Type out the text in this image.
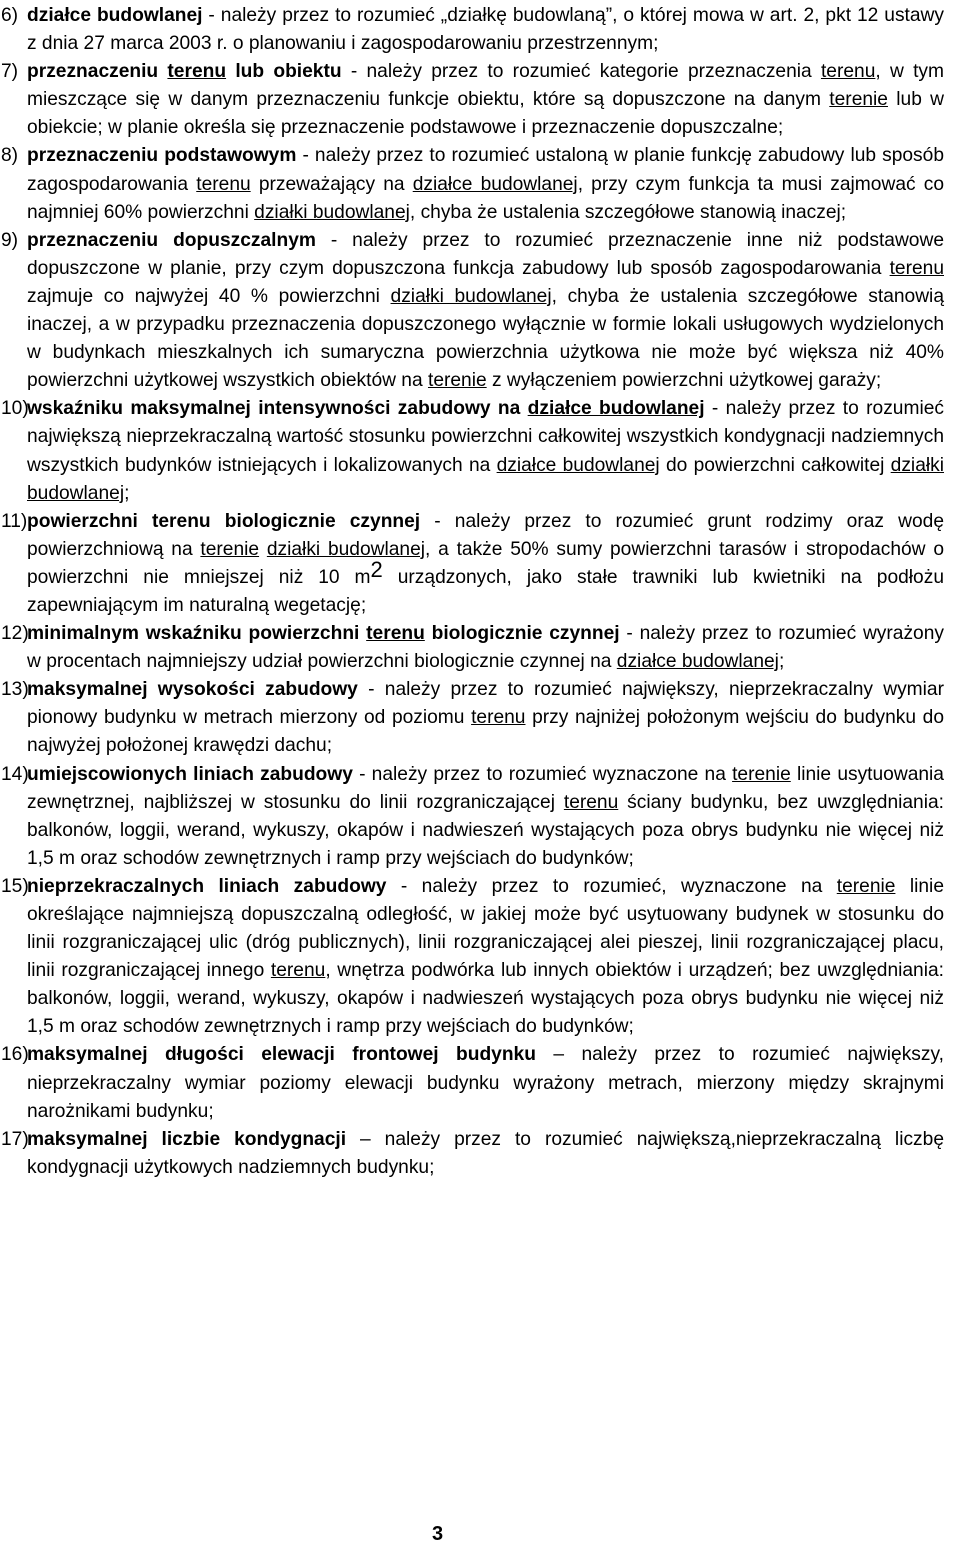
6) działce budowlanej - należy przez to rozumieć „działkę budowlaną”, o której mowa w art. 2, pkt 12 ustawy z dnia 27 marca 2003 r. o planowaniu i zagospodarowaniu przestrzennym;
7) przeznaczeniu terenu lub obiektu - należy przez to rozumieć kategorie przeznaczenia terenu, w tym mieszczące się w danym przeznaczeniu funkcje obiektu, które są dopuszczone na danym terenie lub w obiekcie; w planie określa się przeznaczenie podstawowe i przeznaczenie dopuszczalne;
8) przeznaczeniu podstawowym - należy przez to rozumieć ustaloną w planie funkcję zabudowy lub sposób zagospodarowania terenu przeważający na działce budowlanej, przy czym funkcja ta musi zajmować co najmniej 60% powierzchni działki budowlanej, chyba że ustalenia szczegółowe stanowią inaczej;
9) przeznaczeniu dopuszczalnym - należy przez to rozumieć przeznaczenie inne niż podstawowe dopuszczone w planie, przy czym dopuszczona funkcja zabudowy lub sposób zagospodarowania terenu zajmuje co najwyżej 40 % powierzchni działki budowlanej, chyba że ustalenia szczegółowe stanowią inaczej, a w przypadku przeznaczenia dopuszczonego wyłącznie w formie lokali usługowych wydzielonych w budynkach mieszkalnych ich sumaryczna powierzchnia użytkowa nie może być większa niż 40% powierzchni użytkowej wszystkich obiektów na terenie z wyłączeniem powierzchni użytkowej garaży;
10)
wskaźniku maksymalnej intensywności zabudowy na działce budowlanej - należy przez to rozumieć największą nieprzekraczalną wartość stosunku powierzchni całkowitej wszystkich kondygnacji nadziemnych wszystkich budynków istniejących i lokalizowanych na działce budowlanej do powierzchni całkowitej działki budowlanej;
11) powierzchni terenu biologicznie czynnej - należy przez to rozumieć grunt rodzimy oraz wodę powierzchniową na terenie działki budowlanej, a także 50% sumy powierzchni tarasów i stropodachów o powierzchni nie mniejszej niż 10 m2 urządzonych, jako stałe trawniki lub kwietniki na podłożu zapewniającym im naturalną wegetację;
12)
minimalnym wskaźniku powierzchni terenu biologicznie czynnej - należy przez to rozumieć wyrażony w procentach najmniejszy udział powierzchni biologicznie czynnej na działce budowlanej;
13)
maksymalnej wysokości zabudowy - należy przez to rozumieć największy, nieprzekraczalny wymiar pionowy budynku w metrach mierzony od poziomu terenu przy najniżej położonym wejściu do budynku do najwyżej położonej krawędzi dachu;
14)
umiejscowionych liniach zabudowy - należy przez to rozumieć wyznaczone na terenie linie usytuowania zewnętrznej, najbliższej w stosunku do linii rozgraniczającej terenu ściany budynku, bez uwzględniania: balkonów, loggii, werand, wykuszy, okapów i nadwieszeń wystających poza obrys budynku nie więcej niż 1,5 m oraz schodów zewnętrznych i ramp przy wejściach do budynków;
15)
nieprzekraczalnych liniach zabudowy - należy przez to rozumieć, wyznaczone na terenie linie określające najmniejszą dopuszczalną odległość, w jakiej może być usytuowany budynek w stosunku do linii rozgraniczającej ulic (dróg publicznych), linii rozgraniczającej alei pieszej, linii rozgraniczającej placu, linii rozgraniczającej innego terenu, wnętrza podwórka lub innych obiektów i urządzeń; bez uwzględniania: balkonów, loggii, werand, wykuszy, okapów i nadwieszeń wystających poza obrys budynku nie więcej niż 1,5 m oraz schodów zewnętrznych i ramp przy wejściach do budynków;
16)
maksymalnej długości elewacji frontowej budynku – należy przez to rozumieć największy, nieprzekraczalny wymiar poziomy elewacji budynku wyrażony metrach, mierzony między skrajnymi narożnikami budynku;
17)
maksymalnej liczbie kondygnacji – należy przez to rozumieć największą,nieprzekraczalną liczbę kondygnacji użytkowych nadziemnych budynku;
3
